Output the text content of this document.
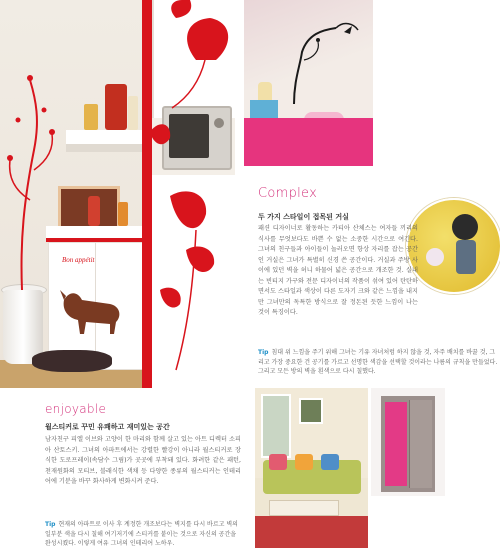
Bon appétit
Complex
두 가지 스타일이 접목된 거실
패션 디자이너로 활동하는 카티아 산체스는 여자들 끼리의 식사를 무엇보다도 바쁜 수 없는 소중한 시간으로 여긴다. 그녀의 친구들과 아이들이 놀러오면 항상 자리를 잡는 공간인 거실은 그녀가 특별히 신경 쓴 공간이다. 거실과 주방 사이에 있던 벽을 허니 하물어 넓은 공간으로 개조한 것. 실내는 빈티지 가구와 전문 디자이너의 작품이 섞여 있어 탄탄하면서도 스타일과 색상이 다른 도자기 크와 같은 느낌을 내지만 그녀만의 독특한 방식으로 잘 정돈된 듯한 느낌이 나는 것이 특징이다.
Tip 침대 위 느낌을 주기 위해 그녀는 기유 자녀처럼 하지 않을 것, 자주 배치를 바꿀 것, 그리고 가장 중요한 건 공기를 가르고 선명한 색감을 선택할 것이라는 나름의 규칙을 만들었다. 그리고 모든 방의 벽을 흰색으로 다시 칠했다.
enjoyable
월스티커로 꾸민 유쾌하고 재미있는 공간
남자친구 피엘 이브와 고양이 한 마리와 함께 살고 있는 아트 디렉터 소피아 산토스키. 그녀의 아파트에서는 강렬한 빨강이 아니라 월스티커로 장식한 도로프레이(속담수 그림)가 곳곳에 부착돼 있다. 화려한 같은 패턴, 천재원화의 모티브, 블래식한 색채 등 다양한 종류의 월스티커는 인테리어에 기분을 바꾸 화사하게 변화시켜 준다.
Tip 현재의 아파트로 이사 후 계정한 개조보다는 벽지를 다시 바르고 벽의 일부분 색을 다시 칠해 여기저기에 스티커를 붙이는 것으로 자신의 공간을 완성시켰다. 이렇게 여유 그녀의 인테리어 노하우.
